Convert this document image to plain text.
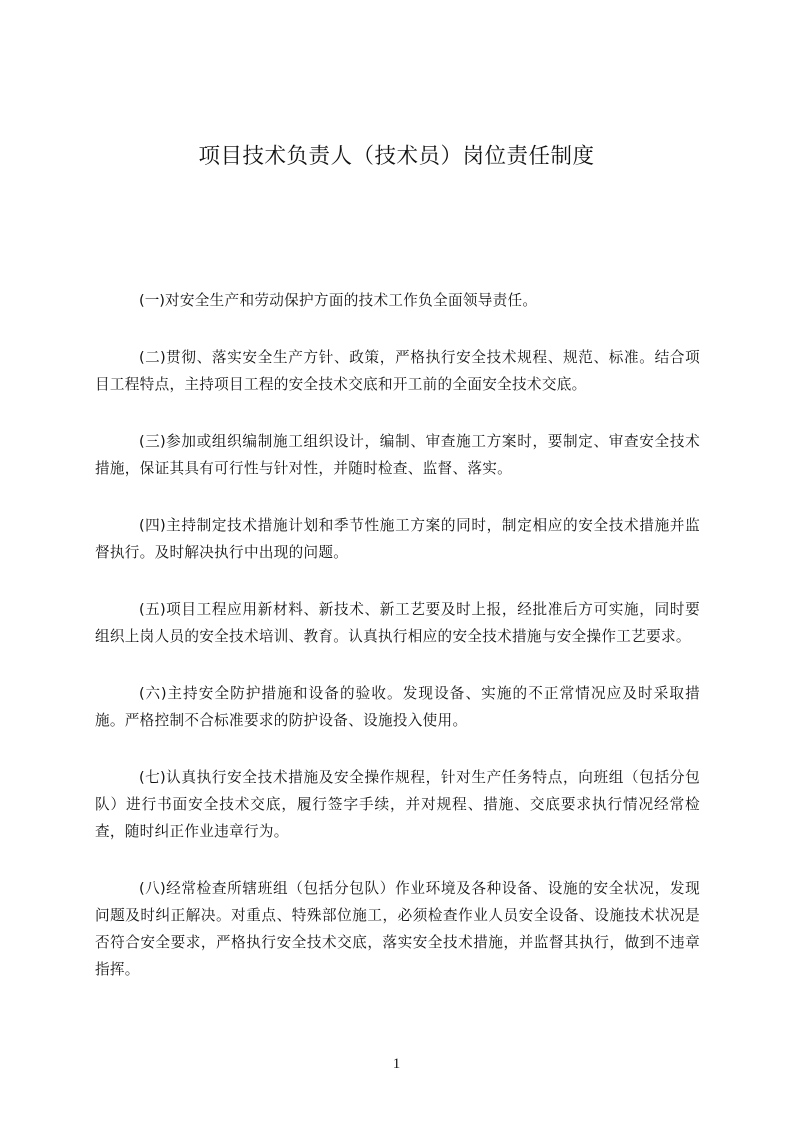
项目技术负责人（技术员）岗位责任制度
(一)对安全生产和劳动保护方面的技术工作负全面领导责任。
(二)贯彻、落实安全生产方针、政策，严格执行安全技术规程、规范、标准。结合项目工程特点，主持项目工程的安全技术交底和开工前的全面安全技术交底。
(三)参加或组织编制施工组织设计，编制、审查施工方案时，要制定、审查安全技术措施，保证其具有可行性与针对性，并随时检查、监督、落实。
(四)主持制定技术措施计划和季节性施工方案的同时，制定相应的安全技术措施并监督执行。及时解决执行中出现的问题。
(五)项目工程应用新材料、新技术、新工艺要及时上报，经批准后方可实施，同时要组织上岗人员的安全技术培训、教育。认真执行相应的安全技术措施与安全操作工艺要求。
(六)主持安全防护措施和设备的验收。发现设备、实施的不正常情况应及时采取措施。严格控制不合标准要求的防护设备、设施投入使用。
(七)认真执行安全技术措施及安全操作规程，针对生产任务特点，向班组（包括分包队）进行书面安全技术交底，履行签字手续，并对规程、措施、交底要求执行情况经常检查，随时纠正作业违章行为。
(八)经常检查所辖班组（包括分包队）作业环境及各种设备、设施的安全状况，发现问题及时纠正解决。对重点、特殊部位施工，必须检查作业人员安全设备、设施技术状况是否符合安全要求，严格执行安全技术交底，落实安全技术措施，并监督其执行，做到不违章指挥。
1
